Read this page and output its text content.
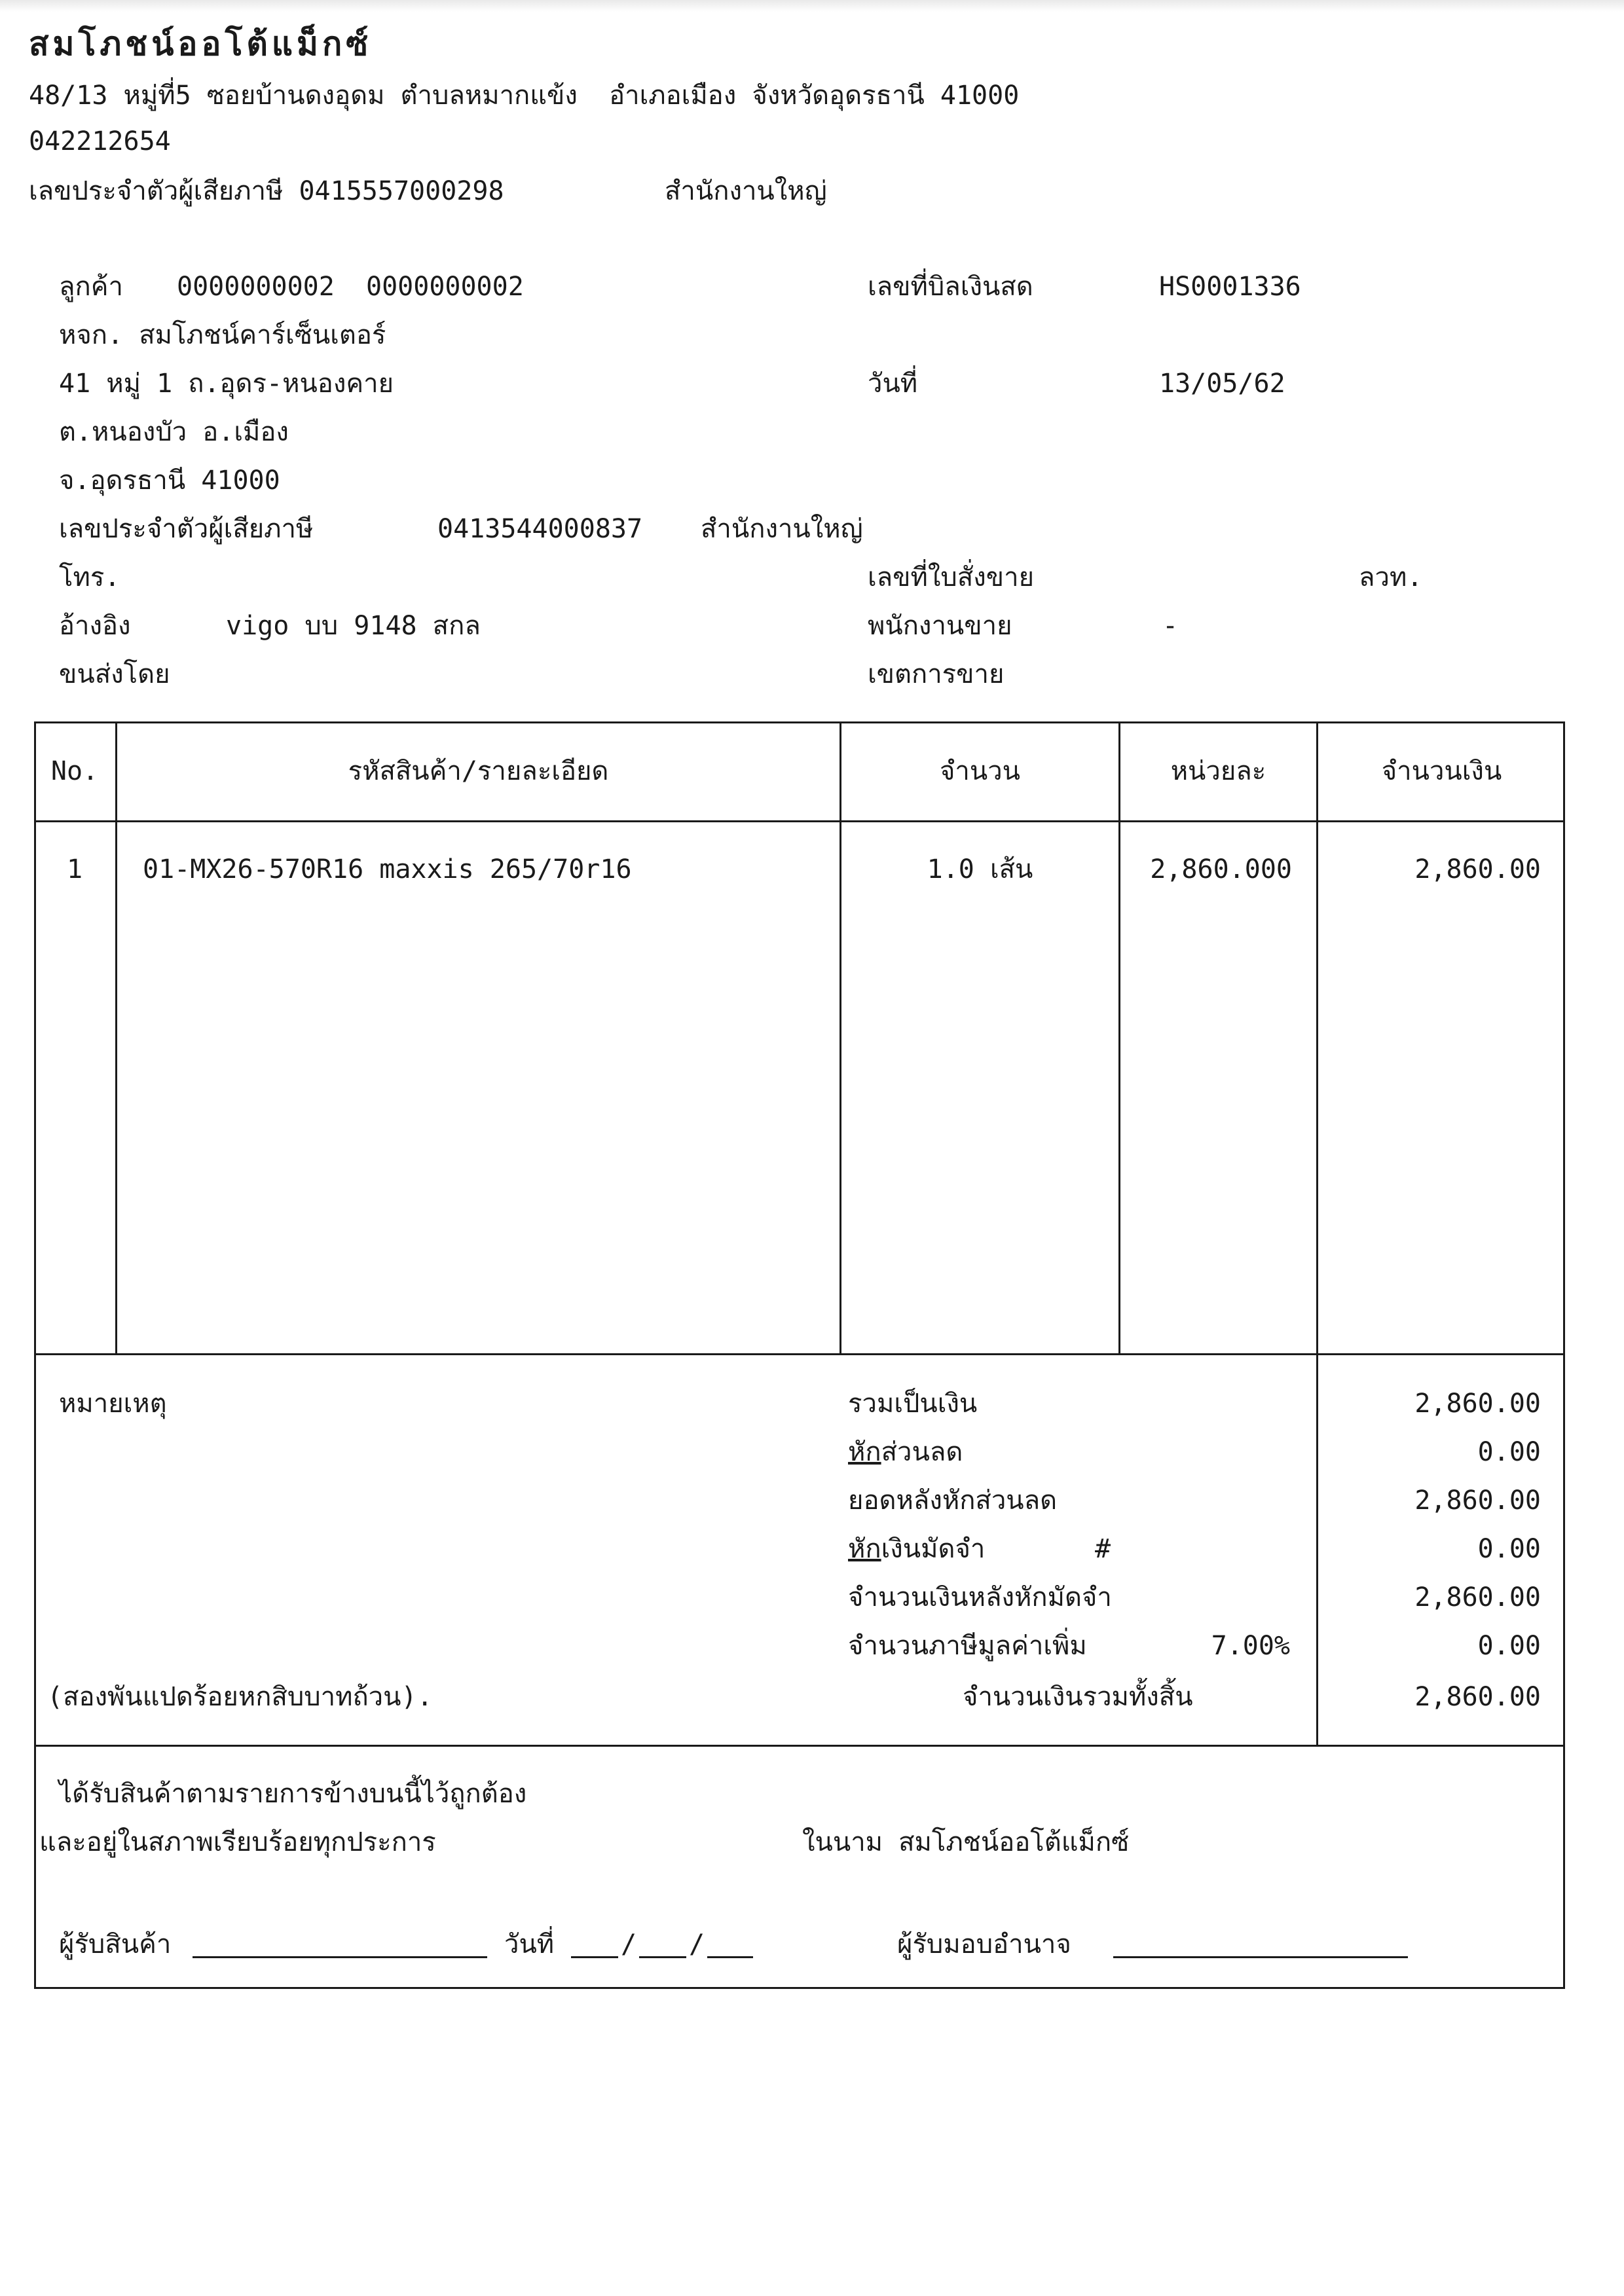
สมโภชน์ออโต้แม็กซ์
48/13 หมู่ที่5 ซอยบ้านดงอุดม ตำบลหมากแข้ง  อำเภอเมือง จังหวัดอุดรธานี 41000
042212654
เลขประจำตัวผู้เสียภาษี 0415557000298	สำนักงานใหญ่
ลูกค้า 0000000002  0000000002
หจก. สมโภชน์คาร์เซ็นเตอร์
41 หมู่ 1 ถ.อุดร-หนองคาย
ต.หนองบัว อ.เมือง
จ.อุดรธานี 41000
เลขประจำตัวผู้เสียภาษี	0413544000837 สำนักงานใหญ่
โทร.
อ้างอิง	vigo บบ 9148 สกล
ขนส่งโดย
เลขที่บิลเงินสด	HS0001336
วันที่	13/05/62
เลขที่ใบสั่งขาย	ลวท.
พนักงานขาย	-
เขตการขาย
No.	รหัสสินค้า/รายละเอียด	จำนวน	หน่วยละ	จำนวนเงิน
1	01-MX26-570R16 maxxis 265/70r16	1.0 เส้น	2,860.000	2,860.00
หมายเหตุ
(สองพันแปดร้อยหกสิบบาทถ้วน).
รวมเป็นเงิน	2,860.00
หักส่วนลด	0.00
ยอดหลังหักส่วนลด	2,860.00
หักเงินมัดจำ	#	0.00
จำนวนเงินหลังหักมัดจำ	2,860.00
จำนวนภาษีมูลค่าเพิ่ม	7.00%	0.00
จำนวนเงินรวมทั้งสิ้น	2,860.00
ได้รับสินค้าตามรายการข้างบนนี้ไว้ถูกต้อง
และอยู่ในสภาพเรียบร้อยทุกประการ	ในนาม สมโภชน์ออโต้แม็กซ์
ผู้รับสินค้า	วันที่	/ /	ผู้รับมอบอำนาจ
